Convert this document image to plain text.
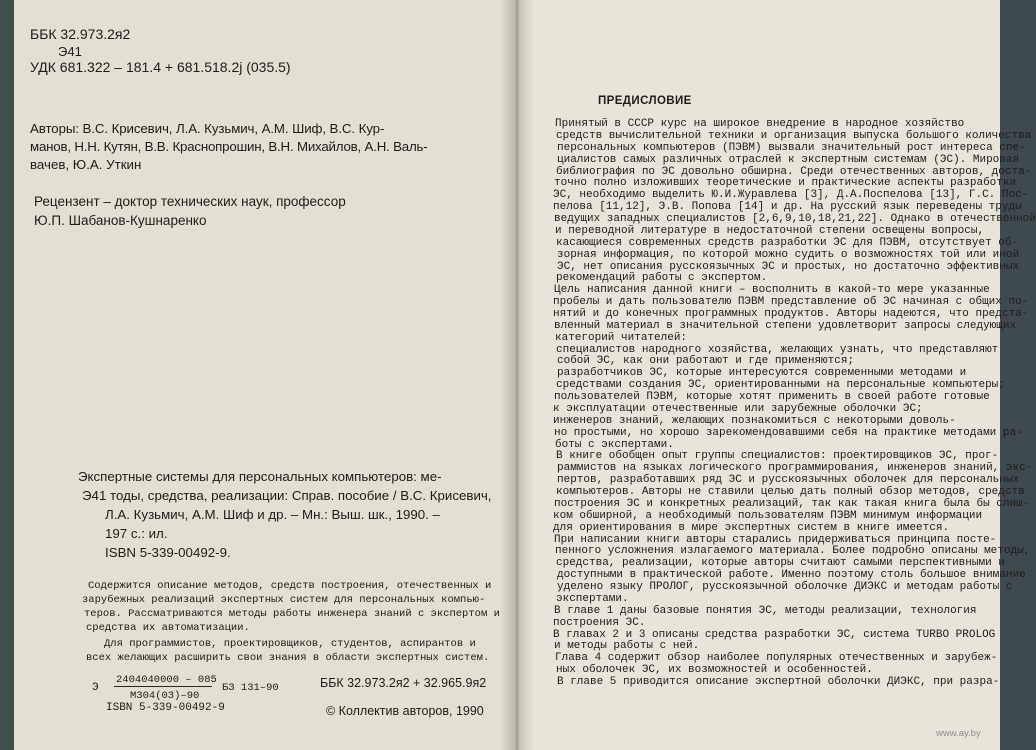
ББК 32.973.2я2
Э41
УДК 681.322 – 181.4 + 681.518.2j (035.5)
Авторы: В.С. Крисевич, Л.А. Кузьмич, А.М. Шиф, В.С. Кур-
манов, Н.Н. Кутян, В.В. Краснопрошин, В.Н. Михайлов, А.Н. Валь-
вачев, Ю.А. Уткин
Рецензент – доктор технических наук, профессор
Ю.П. Шабанов-Кушнаренко
Экспертные системы для персональных компьютеров: ме-
Э41 тоды, средства, реализации: Справ. пособие / В.С. Крисевич,
Л.А. Кузьмич, А.М. Шиф и др. – Мн.: Выш. шк., 1990. –
197 с.: ил.
ISBN 5-339-00492-9.
Содержится описание методов, средств построения, отечественных и
зарубежных реализаций экспертных систем для персональных компью-
теров. Рассматриваются методы работы инженера знаний с экспертом и
средства их автоматизации.
Для программистов, проектировщиков, студентов, аспирантов и
всех желающих расширить свои знания в области экспертных систем.
Э
2404040000 – 085
М304(03)–90
БЗ 131–90	ББК 32.973.2я2 + 32.965.9я2
ISBN 5-339-00492-9	© Коллектив авторов, 1990
ПРЕДИСЛОВИЕ
Принятый в СССР курс на широкое внедрение в народное хозяйство
средств вычислительной техники и организация выпуска большого количества
персональных компьютеров (ПЭВМ) вызвали значительный рост интереса спе-
циалистов самых различных отраслей к экспертным системам (ЭС). Мировая
библиография по ЭС довольно обширна. Среди отечественных авторов, доста-
точно полно изложивших теоретические и практические аспекты разработки
ЭС, необходимо выделить Ю.И.Журавлева [3], Д.А.Поспелова [13], Г.С. Пос-
пелова [11,12], Э.В. Попова [14] и др. На русский язык переведены труды
ведущих западных специалистов [2,6,9,10,18,21,22]. Однако в отечественной
и переводной литературе в недостаточной степени освещены вопросы,
касающиеся современных средств разработки ЭС для ПЭВМ, отсутствует об-
зорная информация, по которой можно судить о возможностях той или иной
ЭС, нет описания русскоязычных ЭС и простых, но достаточно эффективных
рекомендаций работы с экспертом.
Цель написания данной книги – восполнить в какой-то мере указанные
пробелы и дать пользователю ПЭВМ представление об ЭС начиная с общих по-
нятий и до конечных программных продуктов. Авторы надеются, что предста-
вленный материал в значительной степени удовлетворит запросы следующих
категорий читателей:
специалистов народного хозяйства, желающих узнать, что представляют
собой ЭС, как они работают и где применяются;
разработчиков ЭС, которые интересуются современными методами и
средствами создания ЭС, ориентированными на персональные компьютеры;
пользователей ПЭВМ, которые хотят применить в своей работе готовые
к эксплуатации отечественные или зарубежные оболочки ЭС;
инженеров знаний, желающих познакомиться с некоторыми доволь-
но простыми, но хорошо зарекомендовавшими себя на практике методами ра-
боты с экспертами.
В книге обобщен опыт группы специалистов: проектировщиков ЭС, прог-
раммистов на языках логического программирования, инженеров знаний, экс-
пертов, разработавших ряд ЭС и русскоязычных оболочек для персональных
компьютеров. Авторы не ставили целью дать полный обзор методов, средств
построения ЭС и конкретных реализаций, так как такая книга была бы слиш-
ком обширной, а необходимый пользователям ПЭВМ минимум информации
для ориентирования в мире экспертных систем в книге имеется.
При написании книги авторы старались придерживаться принципа посте-
пенного усложнения излагаемого материала. Более подробно описаны методы,
средства, реализации, которые авторы считают самыми перспективными и
доступными в практической работе. Именно поэтому столь большое внимание
уделено языку ПРОЛОГ, русскоязычной оболочке ДИЭКС и методам работы с
экспертами.
В главе 1 даны базовые понятия ЭС, методы реализации, технология
построения ЭС.
В главах 2 и 3 описаны средства разработки ЭС, система TURBO PROLOG
и методы работы с ней.
Глава 4 содержит обзор наиболее популярных отечественных и зарубеж-
ных оболочек ЭС, их возможностей и особенностей.
В главе 5 приводится описание экспертной оболочки ДИЭКС, при разра-
www.ay.by
